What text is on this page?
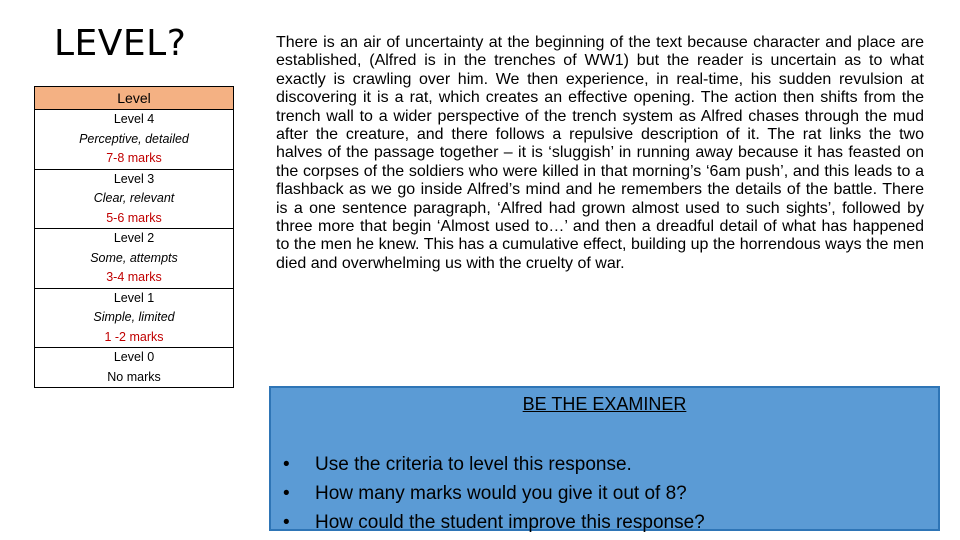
LEVEL?
Level

Level 4
Perceptive, detailed
7-8 marks

Level 3
Clear, relevant
5-6 marks

Level 2
Some, attempts
3-4 marks

Level 1
Simple, limited
1 -2 marks

Level 0
No marks

There is an air of uncertainty at the beginning of the text because character and place are established, (Alfred is in the trenches of WW1) but the reader is uncertain as to what exactly is crawling over him. We then experience, in real-time, his sudden revulsion at discovering it is a rat, which creates an effective opening. The action then shifts from the trench wall to a wider perspective of the trench system as Alfred chases through the mud after the creature, and there follows a repulsive description of it. The rat links the two halves of the passage together – it is ‘sluggish’ in running away because it has feasted on the corpses of the soldiers who were killed in that morning’s ‘6am push’, and this leads to a flashback as we go inside Alfred’s mind and he remembers the details of the battle. There is a one sentence paragraph, ‘Alfred had grown almost used to such sights’, followed by three more that begin ‘Almost used to…’ and then a dreadful detail of what has happened to the men he knew. This has a cumulative effect, building up the horrendous ways the men died and overwhelming us with the cruelty of war.

BE THE EXAMINER
•	Use the criteria to level this response.
•	How many marks would you give it out of 8?
•	How could the student improve this response?
